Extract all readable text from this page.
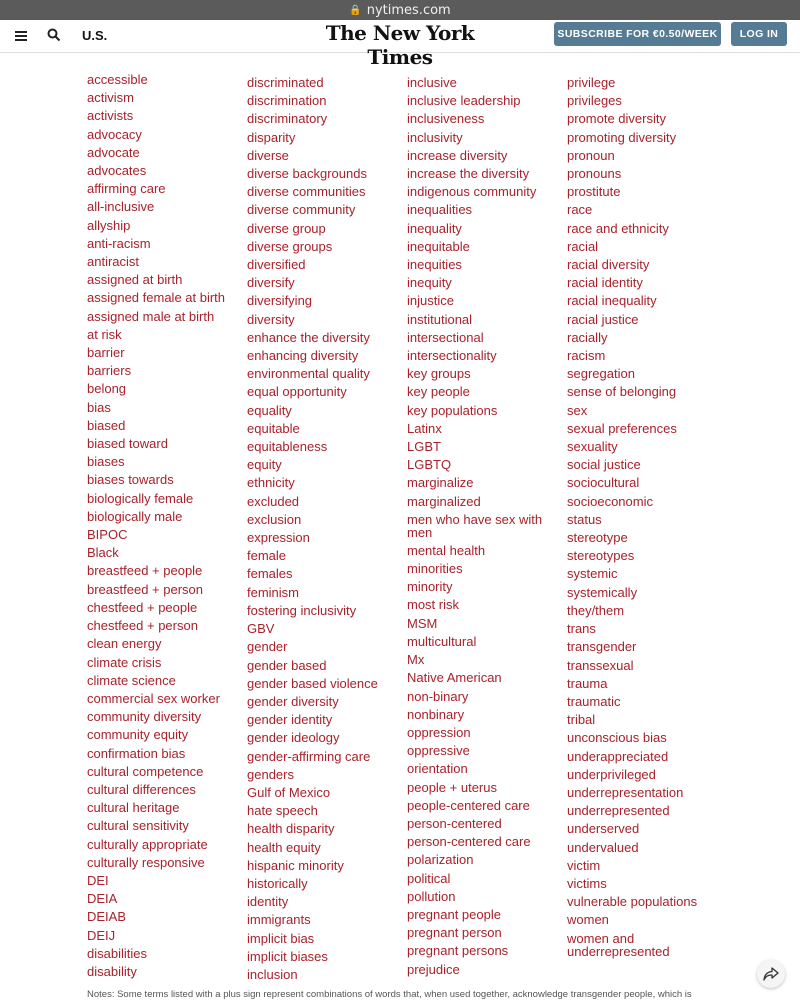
🔒 nytimes.com
U.S.	The New York Times
SUBSCRIBE FOR €0.50/WEEK	LOG IN
accessible
activism
activists
advocacy
advocate
advocates
affirming care
all-inclusive
allyship
anti-racism
antiracist
assigned at birth
assigned female at birth
assigned male at birth
at risk
barrier
barriers
belong
bias
biased
biased toward
biases
biases towards
biologically female
biologically male
BIPOC
Black
breastfeed + people
breastfeed + person
chestfeed + people
chestfeed + person
clean energy
climate crisis
climate science
commercial sex worker
community diversity
community equity
confirmation bias
cultural competence
cultural differences
cultural heritage
cultural sensitivity
culturally appropriate
culturally responsive
DEI
DEIA
DEIAB
DEIJ
disabilities
disability
discriminated
discrimination
discriminatory
disparity
diverse
diverse backgrounds
diverse communities
diverse community
diverse group
diverse groups
diversified
diversify
diversifying
diversity
enhance the diversity
enhancing diversity
environmental quality
equal opportunity
equality
equitable
equitableness
equity
ethnicity
excluded
exclusion
expression
female
females
feminism
fostering inclusivity
GBV
gender
gender based
gender based violence
gender diversity
gender identity
gender ideology
gender-affirming care
genders
Gulf of Mexico
hate speech
health disparity
health equity
hispanic minority
historically
identity
immigrants
implicit bias
implicit biases
inclusion
inclusive
inclusive leadership
inclusiveness
inclusivity
increase diversity
increase the diversity
indigenous community
inequalities
inequality
inequitable
inequities
inequity
injustice
institutional
intersectional
intersectionality
key groups
key people
key populations
Latinx
LGBT
LGBTQ
marginalize
marginalized
men who have sex with men
mental health
minorities
minority
most risk
MSM
multicultural
Mx
Native American
non-binary
nonbinary
oppression
oppressive
orientation
people + uterus
people-centered care
person-centered
person-centered care
polarization
political
pollution
pregnant people
pregnant person
pregnant persons
prejudice
privilege
privileges
promote diversity
promoting diversity
pronoun
pronouns
prostitute
race
race and ethnicity
racial
racial diversity
racial identity
racial inequality
racial justice
racially
racism
segregation
sense of belonging
sex
sexual preferences
sexuality
social justice
sociocultural
socioeconomic
status
stereotype
stereotypes
systemic
systemically
they/them
trans
transgender
transsexual
trauma
traumatic
tribal
unconscious bias
underappreciated
underprivileged
underrepresentation
underrepresented
underserved
undervalued
victim
victims
vulnerable populations
women
women and underrepresented
Notes: Some terms listed with a plus sign represent combinations of words that, when used together, acknowledge transgender people, which is
